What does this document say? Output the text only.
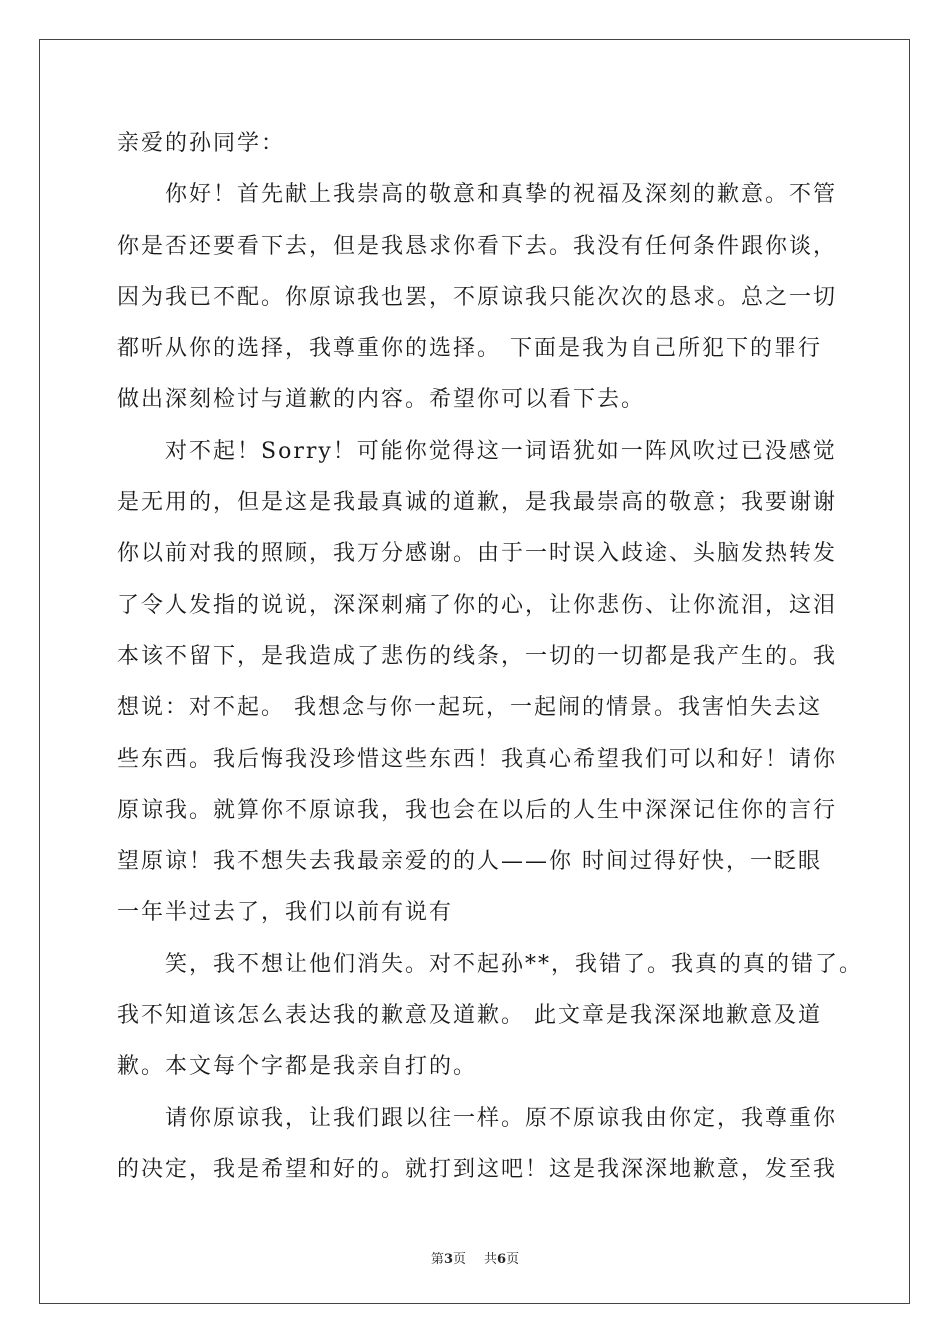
亲爱的孙同学：
你好！首先献上我崇高的敬意和真挚的祝福及深刻的歉意。不管
你是否还要看下去，但是我恳求你看下去。我没有任何条件跟你谈，
因为我已不配。你原谅我也罢，不原谅我只能次次的恳求。总之一切
都听从你的选择，我尊重你的选择。 下面是我为自己所犯下的罪行
做出深刻检讨与道歉的内容。希望你可以看下去。
对不起！Sorry！可能你觉得这一词语犹如一阵风吹过已没感觉
是无用的，但是这是我最真诚的道歉，是我最崇高的敬意；我要谢谢
你以前对我的照顾，我万分感谢。由于一时误入歧途、头脑发热转发
了令人发指的说说，深深刺痛了你的心，让你悲伤、让你流泪，这泪
本该不留下，是我造成了悲伤的线条，一切的一切都是我产生的。我
想说：对不起。 我想念与你一起玩，一起闹的情景。我害怕失去这
些东西。我后悔我没珍惜这些东西！我真心希望我们可以和好！请你
原谅我。就算你不原谅我，我也会在以后的人生中深深记住你的言行
望原谅！我不想失去我最亲爱的的人——你 时间过得好快，一眨眼
一年半过去了，我们以前有说有
笑，我不想让他们消失。对不起孙**，我错了。我真的真的错了。
我不知道该怎么表达我的歉意及道歉。 此文章是我深深地歉意及道
歉。本文每个字都是我亲自打的。
请你原谅我，让我们跟以往一样。原不原谅我由你定，我尊重你
的决定，我是希望和好的。就打到这吧！这是我深深地歉意，发至我
第3页 共6页
